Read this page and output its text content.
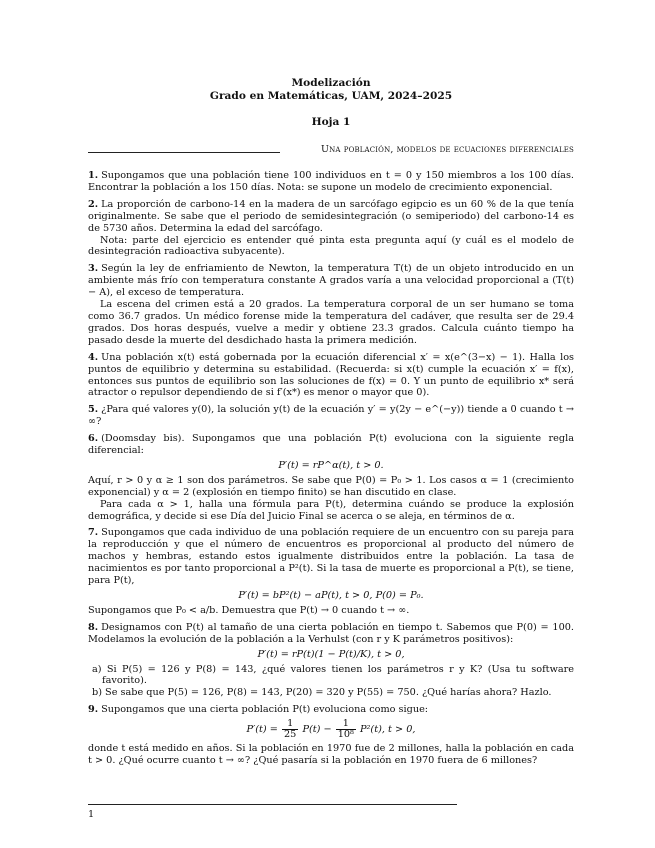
Modelización
Grado en Matemáticas, UAM, 2024–2025
Hoja 1
Una población, modelos de ecuaciones diferenciales

1. Supongamos que una población tiene 100 individuos en t = 0 y 150 miembros a los 100 días. Encontrar la población a los 150 días. Nota: se supone un modelo de crecimiento exponencial.

2. La proporción de carbono-14 en la madera de un sarcófago egipcio es un 60 % de la que tenía originalmente. Se sabe que el periodo de semidesintegración (o semiperiodo) del carbono-14 es de 5730 años. Determina la edad del sarcófago.

Nota: parte del ejercicio es entender qué pinta esta pregunta aquí (y cuál es el modelo de desintegración radioactiva subyacente).

3. Según la ley de enfriamiento de Newton, la temperatura T(t) de un objeto introducido en un ambiente más frío con temperatura constante A grados varía a una velocidad proporcional a (T(t) − A), el exceso de temperatura.

La escena del crimen está a 20 grados. La temperatura corporal de un ser humano se toma como 36.7 grados. Un médico forense mide la temperatura del cadáver, que resulta ser de 29.4 grados. Dos horas después, vuelve a medir y obtiene 23.3 grados. Calcula cuánto tiempo ha pasado desde la muerte del desdichado hasta la primera medición.

4. Una población x(t) está gobernada por la ecuación diferencial x′ = x(e^(3−x) − 1). Halla los puntos de equilibrio y determina su estabilidad. (Recuerda: si x(t) cumple la ecuación x′ = f(x), entonces sus puntos de equilibrio son las soluciones de f(x) = 0. Y un punto de equilibrio x* será atractor o repulsor dependiendo de si f′(x*) es menor o mayor que 0).

5. ¿Para qué valores y(0), la solución y(t) de la ecuación y′ = y(2y − e^(−y)) tiende a 0 cuando t → ∞?

6. (Doomsday bis). Supongamos que una población P(t) evoluciona con la siguiente regla diferencial:

P′(t) = rP^α(t), t > 0.

Aquí, r > 0 y α ≥ 1 son dos parámetros. Se sabe que P(0) = P₀ > 1. Los casos α = 1 (crecimiento exponencial) y α = 2 (explosión en tiempo finito) se han discutido en clase.

Para cada α > 1, halla una fórmula para P(t), determina cuándo se produce la explosión demográfica, y decide si ese Día del Juicio Final se acerca o se aleja, en términos de α.

7. Supongamos que cada individuo de una población requiere de un encuentro con su pareja para la reproducción y que el número de encuentros es proporcional al producto del número de machos y hembras, estando estos igualmente distribuidos entre la población. La tasa de nacimientos es por tanto proporcional a P²(t). Si la tasa de muerte es proporcional a P(t), se tiene, para P(t),

P′(t) = bP²(t) − aP(t), t > 0, P(0) = P₀.

Supongamos que P₀ < a/b. Demuestra que P(t) → 0 cuando t → ∞.

8. Designamos con P(t) al tamaño de una cierta población en tiempo t. Sabemos que P(0) = 100. Modelamos la evolución de la población a la Verhulst (con r y K parámetros positivos):

P′(t) = rP(t)(1 − P(t)/K), t > 0,

a) Si P(5) = 126 y P(8) = 143, ¿qué valores tienen los parámetros r y K? (Usa tu software favorito).

b) Se sabe que P(5) = 126, P(8) = 143, P(20) = 320 y P(55) = 750. ¿Qué harías ahora? Hazlo.

9. Supongamos que una cierta población P(t) evoluciona como sigue:

$P'(t) = \frac{1}{25} P(t) - \frac{1}{\text{10⁸}} P^2(t)$, t > 0,

donde t está medido en años. Si la población en 1970 fue de 2 millones, halla la población en cada t > 0. ¿Qué ocurre cuanto t → ∞? ¿Qué pasaría si la población en 1970 fuera de 6 millones?

1
